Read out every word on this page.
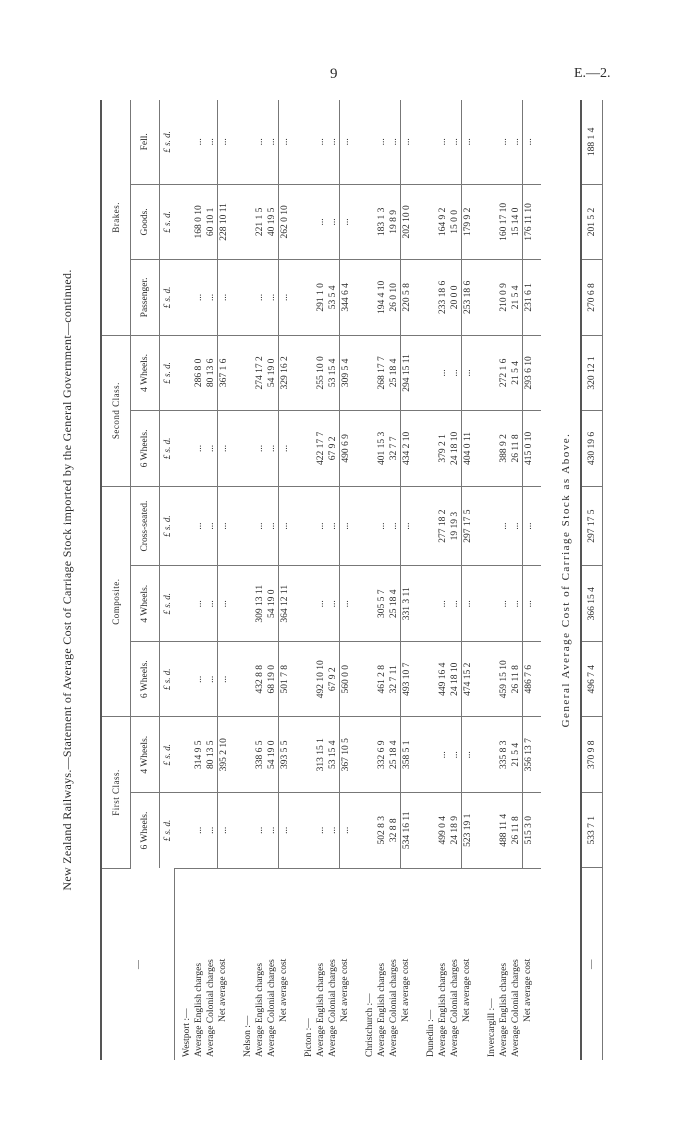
9	E.—2.
New Zealand Railways.—Statement of Average Cost of Carriage Stock imported by the General Government—continued.
—	First Class.		Composite.			Second Class.		Brakes.		
	6 Wheels.	4 Wheels.	6 Wheels.	4 Wheels.	Cross-seated.	6 Wheels.	4 Wheels.	Passenger.	Goods.	Fell.
	£ s. d.	£ s. d.	£ s. d.	£ s. d.	£ s. d.	£ s. d.	£ s. d.	£ s. d.	£ s. d.	£ s. d.
Westport :—										
Average English charges	...	314 9 5	...	...	...	...	286 8 0	...	168 0 10	...
Average Colonial charges	...	80 13 5	...	...	...	...	80 13 6	...	60 10 1	...
Net average cost	...	395 2 10	...	...	...	...	367 1 6	...	228 10 11	...
Nelson :—										
Average English charges	...	338 6 5	432 8 8	309 13 11	...	...	274 17 2	...	221 1 5	...
Average Colonial charges	...	54 19 0	68 19 0	54 19 0	...	...	54 19 0	...	40 19 5	...
Net average cost	...	393 5 5	501 7 8	364 12 11	...	...	329 16 2	...	262 0 10	...
Picton :—										
Average English charges	...	313 15 1	492 10 10	...	...	422 17 7	255 10 0	291 1 0	...	...
Average Colonial charges	...	53 15 4	67 9 2	...	...	67 9 2	53 15 4	53 5 4	...	...
Net average cost	...	367 10 5	560 0 0	...	...	490 6 9	309 5 4	344 6 4	...	...
Christchurch :—										
Average English charges	502 8 3	332 6 9	461 2 8	305 5 7	...	401 15 3	268 17 7	194 4 10	183 1 3	...
Average Colonial charges	32 8 8	25 18 4	32 7 11	25 18 4	...	32 7 7	25 18 4	26 0 10	19 8 9	...
Net average cost	534 16 11	358 5 1	493 10 7	331 3 11	...	434 2 10	294 15 11	220 5 8	202 10 0	...
Dunedin :—										
Average English charges	499 0 4	...	449 16 4	...	277 18 2	379 2 1	...	233 18 6	164 9 2	...
Average Colonial charges	24 18 9	...	24 18 10	...	19 19 3	24 18 10	...	20 0 0	15 0 0	...
Net average cost	523 19 1	...	474 15 2	...	297 17 5	404 0 11	...	253 18 6	179 9 2	...
Invercargill :—										
Average English charges	488 11 4	335 8 3	459 15 10	...	...	388 9 2	272 1 6	210 0 9	160 17 10	...
Average Colonial charges	26 11 8	21 5 4	26 11 8	...	...	26 11 8	21 5 4	21 5 4	15 14 0	...
Net average cost	515 3 0	356 13 7	486 7 6	...	...	415 0 10	293 6 10	231 6 1	176 11 10	...
General Average Cost of Carriage Stock as Above.
—	533 7 1	370 9 8	496 7 4	366 15 4	297 17 5	430 19 6	320 12 1	270 6 8	201 5 2	188 1 4
